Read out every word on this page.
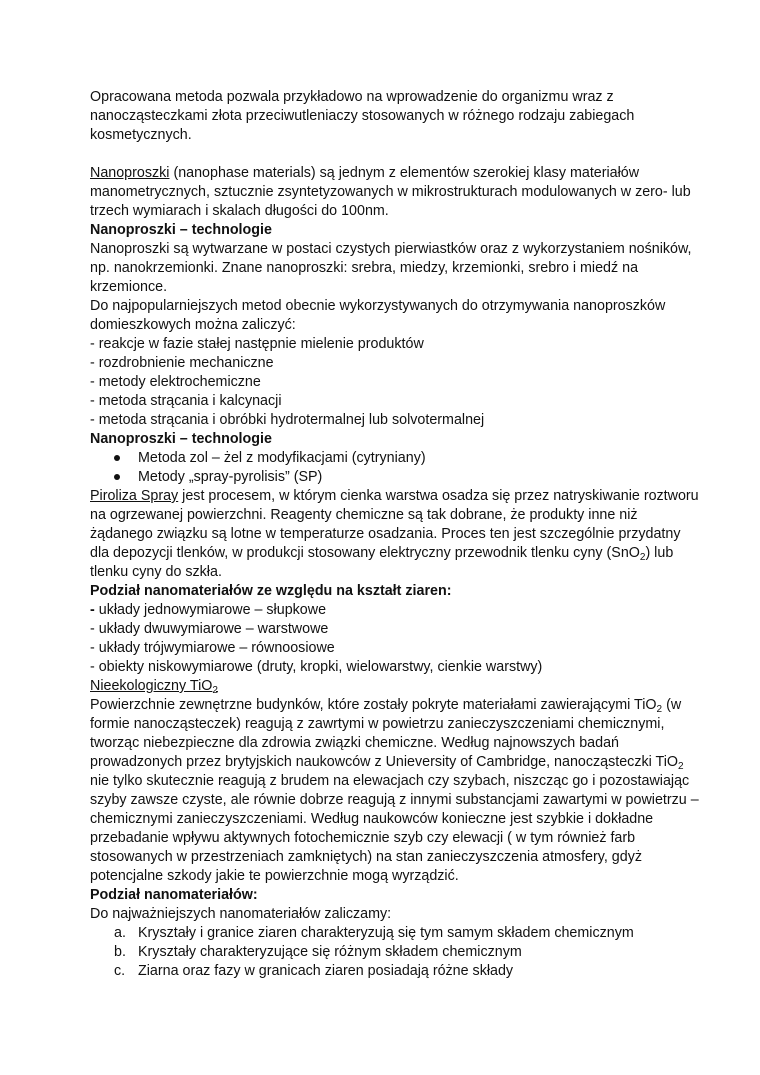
Opracowana metoda pozwala przykładowo na wprowadzenie do organizmu wraz z nanocząsteczkami złota przeciwutleniaczy stosowanych w różnego rodzaju zabiegach kosmetycznych.

Nanoproszki (nanophase materials) są jednym z elementów szerokiej klasy materiałów manometrycznych, sztucznie zsyntetyzowanych w mikrostrukturach modulowanych w zero- lub trzech wymiarach i skalach długości do 100nm.

Nanoproszki – technologie

Nanoproszki są wytwarzane w postaci czystych pierwiastków oraz z wykorzystaniem nośników, np. nanokrzemionki. Znane nanoproszki: srebra, miedzy, krzemionki, srebro i miedź na krzemionce.

Do najpopularniejszych metod obecnie wykorzystywanych do otrzymywania nanoproszków domieszkowych można zaliczyć:

- reakcje w fazie stałej następnie mielenie produktów

- rozdrobnienie mechaniczne

- metody elektrochemiczne

- metoda strącania i kalcynacji

- metoda strącania i obróbki hydrotermalnej lub solvotermalnej

Nanoproszki – technologie

Metoda zol – żel z modyfikacjami (cytryniany)
Metody „spray-pyrolisis” (SP)

Piroliza Spray jest procesem, w którym cienka warstwa osadza się przez natryskiwanie roztworu na ogrzewanej powierzchni. Reagenty chemiczne są tak dobrane, że produkty inne niż żądanego związku są lotne w temperaturze osadzania. Proces ten jest szczególnie przydatny dla depozycji tlenków, w produkcji stosowany elektryczny przewodnik tlenku cyny (SnO$_2$) lub tlenku cyny do szkła.

Podział nanomateriałów ze względu na kształt ziaren:

- układy jednowymiarowe – słupkowe

- układy dwuwymiarowe – warstwowe

- układy trójwymiarowe – równoosiowe

- obiekty niskowymiarowe (druty, kropki, wielowarstwy, cienkie warstwy)

Nieekologiczny TiO$_2$

Powierzchnie zewnętrzne budynków, które zostały pokryte materiałami zawierającymi TiO$_2$ (w formie nanocząsteczek) reagują z zawrtymi w powietrzu zanieczyszczeniami chemicznymi, tworząc niebezpieczne dla zdrowia związki chemiczne. Według najnowszych badań prowadzonych przez brytyjskich naukowców z Unieversity of Cambridge, nanocząsteczki TiO$_2$ nie tylko skutecznie reagują z brudem na elewacjach czy szybach, niszcząc go i pozostawiając szyby zawsze czyste, ale równie dobrze reagują z innymi substancjami zawartymi w powietrzu – chemicznymi zanieczyszczeniami. Według naukowców konieczne jest szybkie i dokładne przebadanie wpływu aktywnych fotochemicznie szyb czy elewacji ( w tym również farb stosowanych w przestrzeniach zamkniętych) na stan zanieczyszczenia atmosfery, gdyż potencjalne szkody jakie te powierzchnie mogą wyrządzić.

Podział nanomateriałów:

Do najważniejszych nanomateriałów zaliczamy:

a. Kryształy i granice ziaren charakteryzują się tym samym składem chemicznym
b. Kryształy charakteryzujące się różnym składem chemicznym
c. Ziarna oraz fazy w granicach ziaren posiadają różne składy
